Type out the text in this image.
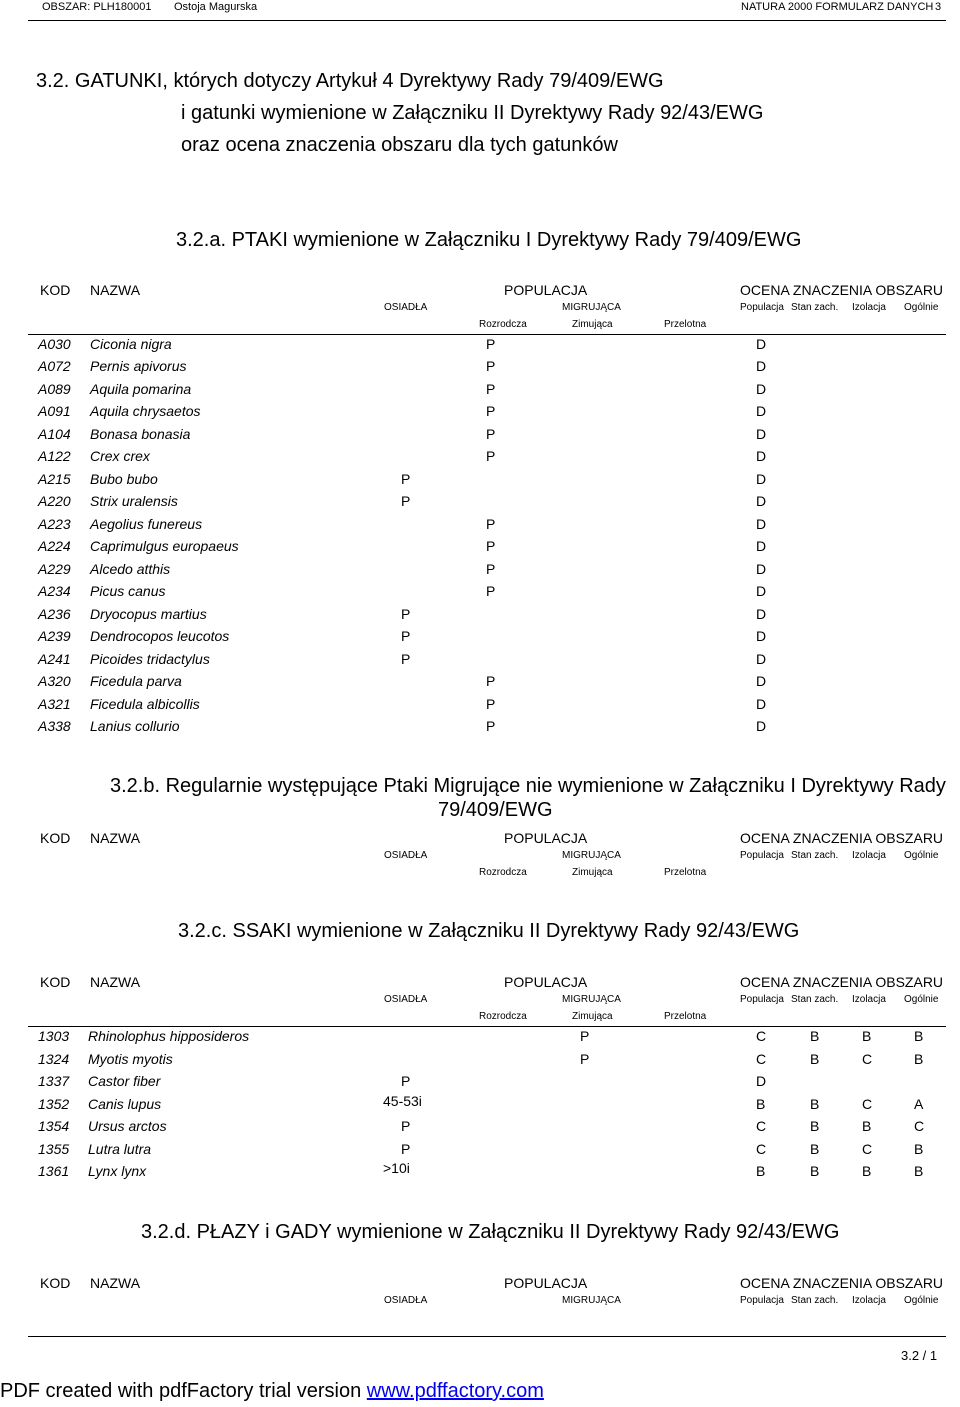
OBSZAR: PLH180001 Ostoja Magurska	NATURA 2000 FORMULARZ DANYCH 3
3.2. GATUNKI, których dotyczy Artykuł 4 Dyrektywy Rady 79/409/EWG
i gatunki wymienione w Załączniku II Dyrektywy Rady 92/43/EWG
oraz ocena znaczenia obszaru dla tych gatunków
3.2.a. PTAKI wymienione w Załączniku I Dyrektywy Rady 79/409/EWG
3.2.b. Regularnie występujące Ptaki Migrujące nie wymienione w Załączniku I Dyrektywy Rady
79/409/EWG
3.2.c. SSAKI wymienione w Załączniku II Dyrektywy Rady 92/43/EWG
3.2.d. PŁAZY i GADY wymienione w Załączniku II Dyrektywy Rady 92/43/EWG
KOD NAZWA	POPULACJA	OCENA ZNACZENIA OBSZARU
OSIADŁA	MIGRUJĄCA	Populacja Stan zach. Izolacja Ogólnie
Rozrodcza	Zimująca	Przelotna
KOD NAZWA	POPULACJA	OCENA ZNACZENIA OBSZARU
OSIADŁA	MIGRUJĄCA	Populacja Stan zach. Izolacja Ogólnie
Rozrodcza	Zimująca	Przelotna
KOD NAZWA	POPULACJA	OCENA ZNACZENIA OBSZARU
OSIADŁA	MIGRUJĄCA	Populacja Stan zach. Izolacja Ogólnie
Rozrodcza	Zimująca	Przelotna
KOD NAZWA	POPULACJA	OCENA ZNACZENIA OBSZARU
OSIADŁA	MIGRUJĄCA	Populacja Stan zach. Izolacja Ogólnie
A030 Ciconia nigra	P	D
A072 Pernis apivorus	P	D
A089 Aquila pomarina	P	D
A091 Aquila chrysaetos	P	D
A104 Bonasa bonasia	P	D
A122 Crex crex	P	D
A215 Bubo bubo	P	D
A220 Strix uralensis	P	D
A223 Aegolius funereus	P	D
A224 Caprimulgus europaeus	P	D
A229 Alcedo atthis	P	D
A234 Picus canus	P	D
A236 Dryocopus martius	P	D
A239 Dendrocopos leucotos	P	D
A241 Picoides tridactylus	P	D
A320 Ficedula parva	P	D
A321 Ficedula albicollis	P	D
A338 Lanius collurio	P	D
1303 Rhinolophus hipposideros	P	C	B	B	B
1324 Myotis myotis	P	C	B	C	B
1337 Castor fiber	P	D
1352 Canis lupus	45-53i	B	B	C	A
1354 Ursus arctos	P	C	B	B	C
1355 Lutra lutra	P	C	B	C	B
1361 Lynx lynx	>10i	B	B	B	B
3.2 / 1
PDF created with pdfFactory trial version www.pdffactory.com
